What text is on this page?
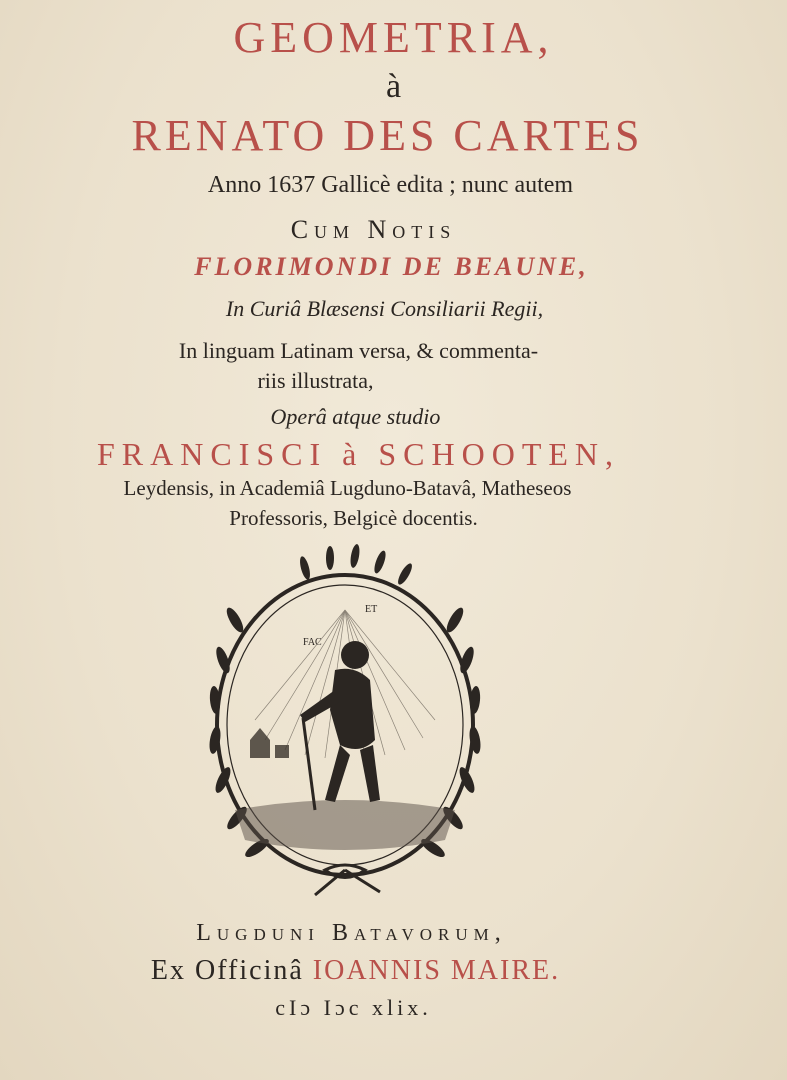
GEOMETRIA,
à
RENATO DES CARTES
Anno 1637 Gallicè edita ; nunc autem
Cum Notis
FLORIMONDI DE BEAUNE,
In Curiâ Blæsensi Consiliarii Regii,
In linguam Latinam versa, & commenta-
riis illustrata,
Operâ atque studio
FRANCISCI à SCHOOTEN,
Leydensis, in Academiâ Lugduno-Batavâ, Matheseos
Professoris, Belgicè docentis.
FAC
ET
Lugduni Batavorum,
Ex Officinâ IOANNIS MAIRE.
cIɔ Iɔc xlix.
